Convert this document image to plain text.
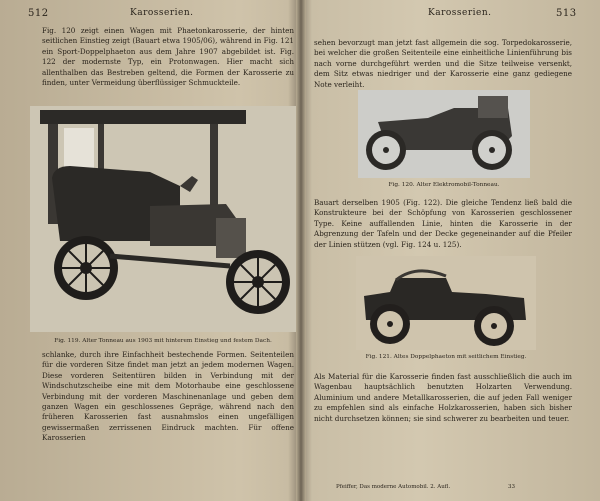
512	Karosserien.

Fig. 120 zeigt einen Wagen mit Phaetonkarosserie, der hinten seitlichen Einstieg zeigt (Bauart etwa 1905/06), während in Fig. 121 ein Sport-Doppelphaeton aus dem Jahre 1907 abgebildet ist. Fig. 122 der modernste Typ, ein Protonwagen. Hier macht sich allenthalben das Bestreben geltend, die Formen der Karosserie zu finden, unter Vermeidung überflüssiger Schmuckteile.

Fig. 119. Alter Tonneau aus 1903 mit hinterem Einstieg und festem Dach.

schlanke, durch ihre Einfachheit bestechende Formen. Seitenteilen für die vorderen Sitze findet man jetzt an jedem modernen Wagen. Diese vorderen Seitentüren bilden in Verbindung mit der Windschutzscheibe eine mit dem Motorhaube eine geschlossene Verbindung mit der vorderen Maschinenanlage und geben dem ganzen Wagen ein geschlossenes Gepräge, während nach den früheren Karosserien fast ausnahmslos einen ungefälligen gewissermaßen zerrissenen Eindruck machten. Für offene Karosserien

Karosserien.	513

sehen bevorzugt man jetzt fast allgemein die sog. Torpedokarosserie, bei welcher die großen Seitenteile eine einheitliche Linienführung bis nach vorne durchgeführt werden und die Sitze teilweise versenkt, dem Sitz etwas niedriger und der Karosserie eine ganz gediegene Note verleiht.

Fig. 120. Alter Elektromobil-Tonneau.

Bauart derselben 1905 (Fig. 122). Die gleiche Tendenz ließ bald die Konstrukteure bei der Schöpfung von Karosserien geschlossener Type. Keine auffallenden Linie, hinten die Karosserie in der Abgrenzung der Tafeln und der Decke gegeneinander auf die Pfeiler der Linien stützen (vgl. Fig. 124 u. 125).

Fig. 121. Altes Doppelphaeton mit seitlichem Einstieg.

Als Material für die Karosserie finden fast ausschließlich die auch im Wagenbau hauptsächlich benutzten Holzarten Verwendung. Aluminium und andere Metallkarosserien, die auf jeden Fall weniger zu empfehlen sind als einfache Holzkarosserien, haben sich bisher nicht durchsetzen können; sie sind schwerer zu bearbeiten und teuer.

Pfeiffer, Das moderne Automobil. 2. Aufl.	33
